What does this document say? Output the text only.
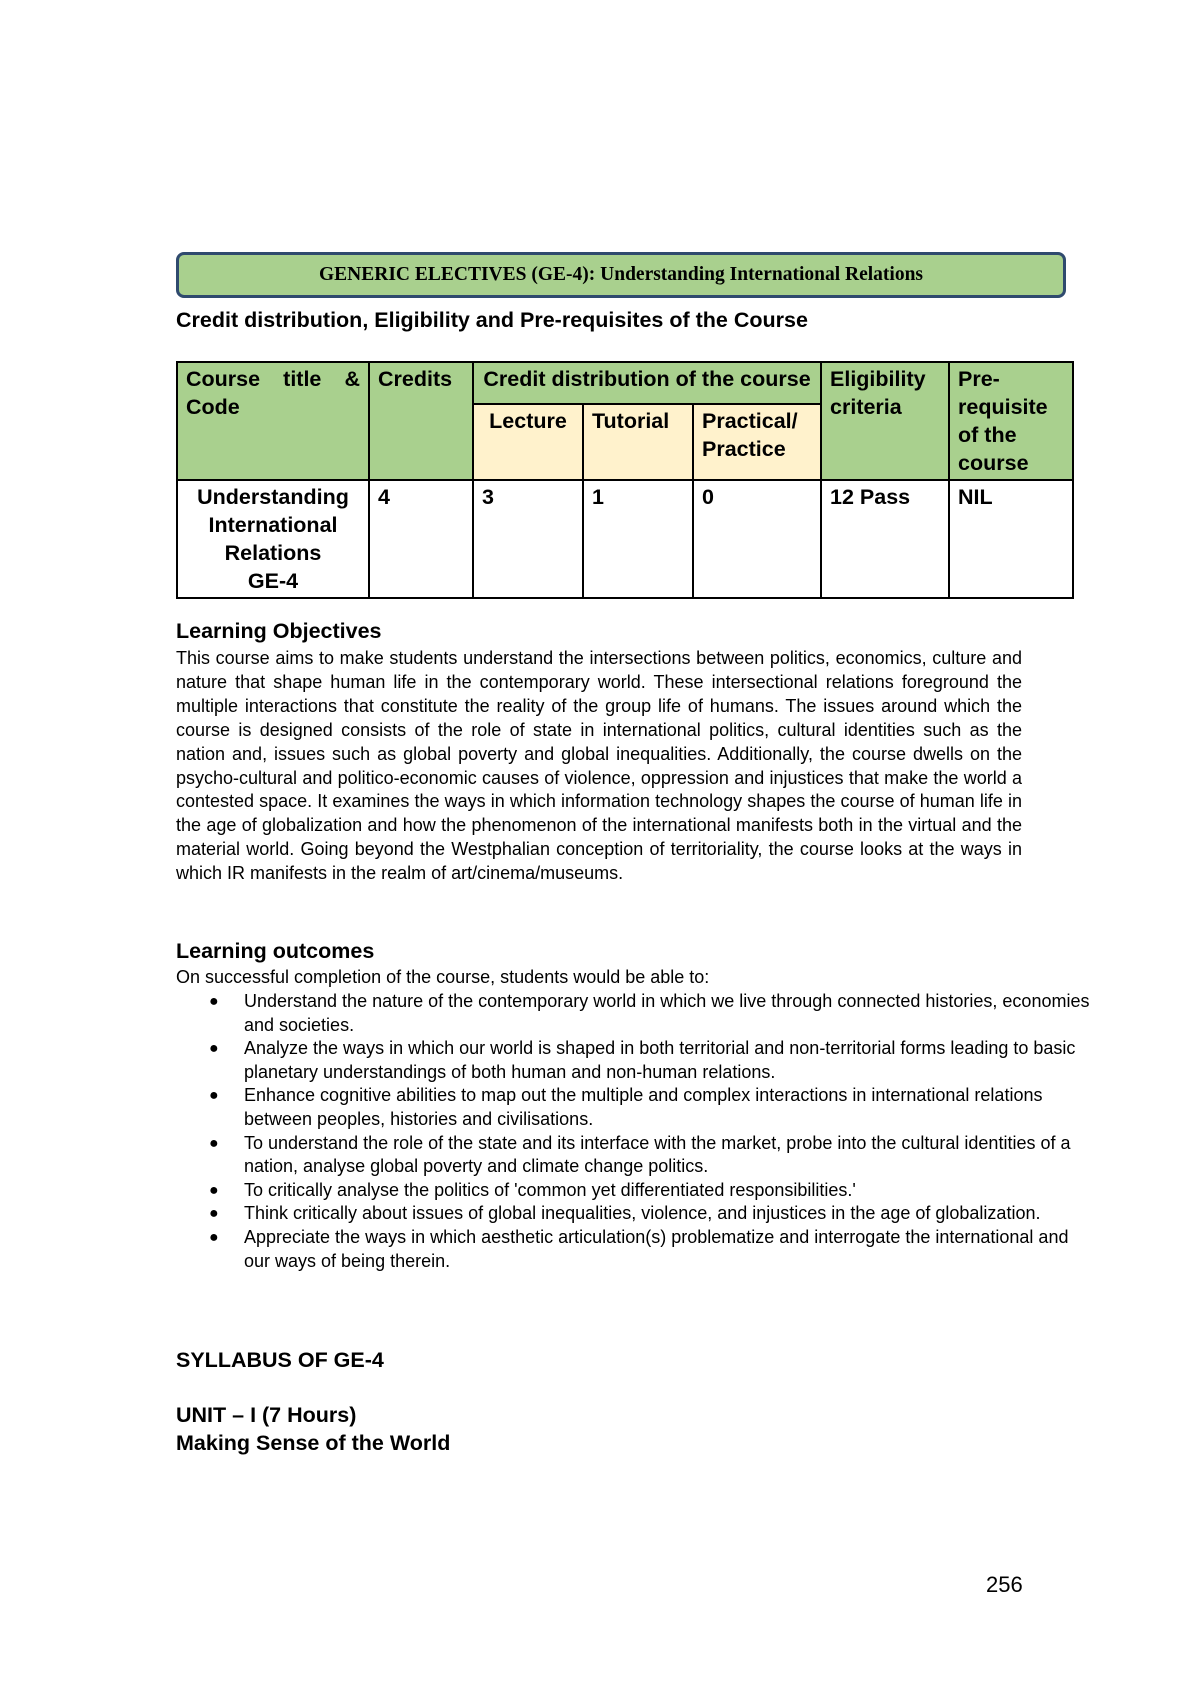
GENERIC ELECTIVES (GE-4): Understanding International Relations
Credit distribution, Eligibility and Pre-requisites of the Course
Course title & Code	Credits	Credit distribution of the course			Eligibility criteria	Pre-requisite of the course
		Lecture	Tutorial	Practical/ Practice		

Understanding
International
Relations
GE-4	4	3	1	0	12 Pass	NIL
Learning Objectives
This course aims to make students understand the intersections between politics, economics, culture and nature that shape human life in the contemporary world. These intersectional relations foreground the multiple interactions that constitute the reality of the group life of humans. The issues around which the course is designed consists of the role of state in international politics, cultural identities such as the nation and, issues such as global poverty and global inequalities. Additionally, the course dwells on the psycho-cultural and politico-economic causes of violence, oppression and injustices that make the world a contested space. It examines the ways in which information technology shapes the course of human life in the age of globalization and how the phenomenon of the international manifests both in the virtual and the material world. Going beyond the Westphalian conception of territoriality, the course looks at the ways in which IR manifests in the realm of art/cinema/museums.
Learning outcomes
On successful completion of the course, students would be able to:
● Understand the nature of the contemporary world in which we live through connected histories, economies and societies.
● Analyze the ways in which our world is shaped in both territorial and non-territorial forms leading to basic planetary understandings of both human and non-human relations.
● Enhance cognitive abilities to map out the multiple and complex interactions in international relations between peoples, histories and civilisations.
● To understand the role of the state and its interface with the market, probe into the cultural identities of a nation, analyse global poverty and climate change politics.
● To critically analyse the politics of 'common yet differentiated responsibilities.'
● Think critically about issues of global inequalities, violence, and injustices in the age of globalization.
● Appreciate the ways in which aesthetic articulation(s) problematize and interrogate the international and our ways of being therein.
SYLLABUS OF GE-4
UNIT – I (7 Hours)
Making Sense of the World
256
